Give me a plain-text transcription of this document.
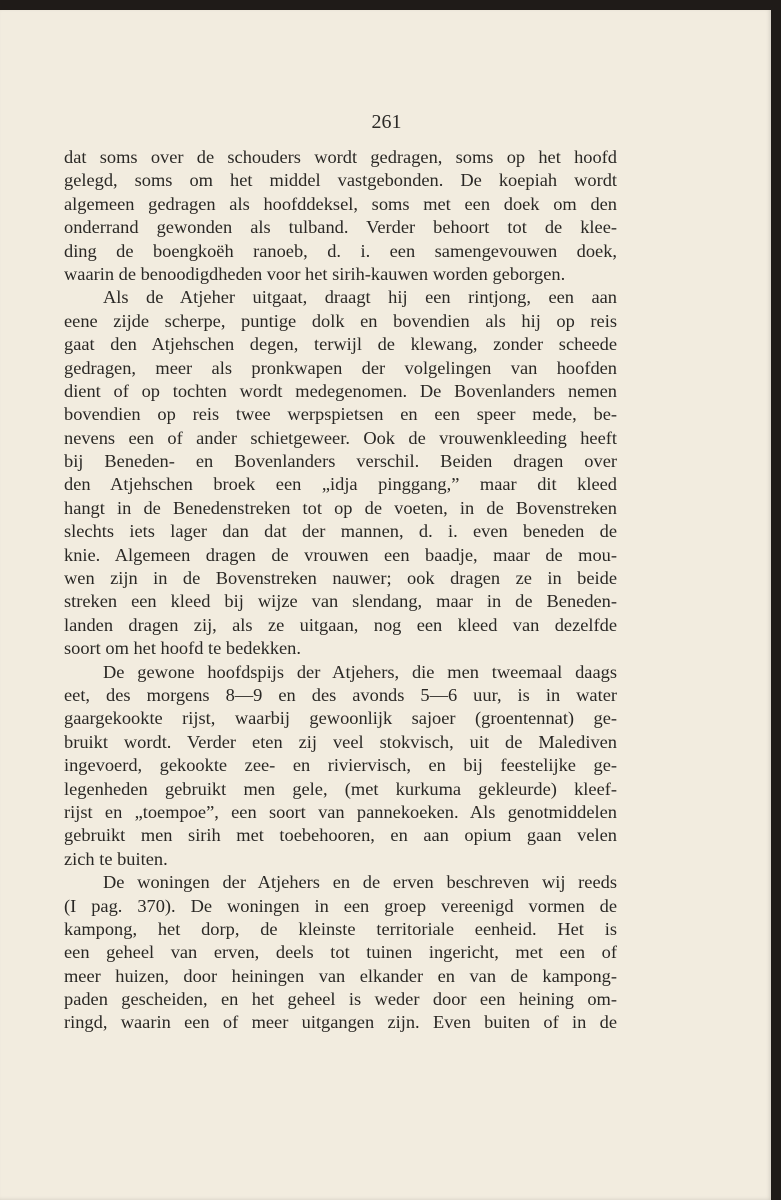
261
dat soms over de schouders wordt gedragen, soms op het hoofd
gelegd, soms om het middel vastgebonden. De koepiah wordt
algemeen gedragen als hoofddeksel, soms met een doek om den
onderrand gewonden als tulband. Verder behoort tot de klee-
ding de boengkoëh ranoeb, d. i. een samengevouwen doek,
waarin de benoodigdheden voor het sirih-kauwen worden geborgen.
Als de Atjeher uitgaat, draagt hij een rintjong, een aan
eene zijde scherpe, puntige dolk en bovendien als hij op reis
gaat den Atjehschen degen, terwijl de klewang, zonder scheede
gedragen, meer als pronkwapen der volgelingen van hoofden
dient of op tochten wordt medegenomen. De Bovenlanders nemen
bovendien op reis twee werpspietsen en een speer mede, be-
nevens een of ander schietgeweer. Ook de vrouwenkleeding heeft
bij Beneden- en Bovenlanders verschil. Beiden dragen over
den Atjehschen broek een „idja pinggang,” maar dit kleed
hangt in de Benedenstreken tot op de voeten, in de Bovenstreken
slechts iets lager dan dat der mannen, d. i. even beneden de
knie. Algemeen dragen de vrouwen een baadje, maar de mou-
wen zijn in de Bovenstreken nauwer; ook dragen ze in beide
streken een kleed bij wijze van slendang, maar in de Beneden-
landen dragen zij, als ze uitgaan, nog een kleed van dezelfde
soort om het hoofd te bedekken.
De gewone hoofdspijs der Atjehers, die men tweemaal daags
eet, des morgens 8—9 en des avonds 5—6 uur, is in water
gaargekookte rijst, waarbij gewoonlijk sajoer (groentennat) ge-
bruikt wordt. Verder eten zij veel stokvisch, uit de Malediven
ingevoerd, gekookte zee- en riviervisch, en bij feestelijke ge-
legenheden gebruikt men gele, (met kurkuma gekleurde) kleef-
rijst en „toempoe”, een soort van pannekoeken. Als genotmiddelen
gebruikt men sirih met toebehooren, en aan opium gaan velen
zich te buiten.
De woningen der Atjehers en de erven beschreven wij reeds
(I pag. 370). De woningen in een groep vereenigd vormen de
kampong, het dorp, de kleinste territoriale eenheid. Het is
een geheel van erven, deels tot tuinen ingericht, met een of
meer huizen, door heiningen van elkander en van de kampong-
paden gescheiden, en het geheel is weder door een heining om-
ringd, waarin een of meer uitgangen zijn. Even buiten of in de
